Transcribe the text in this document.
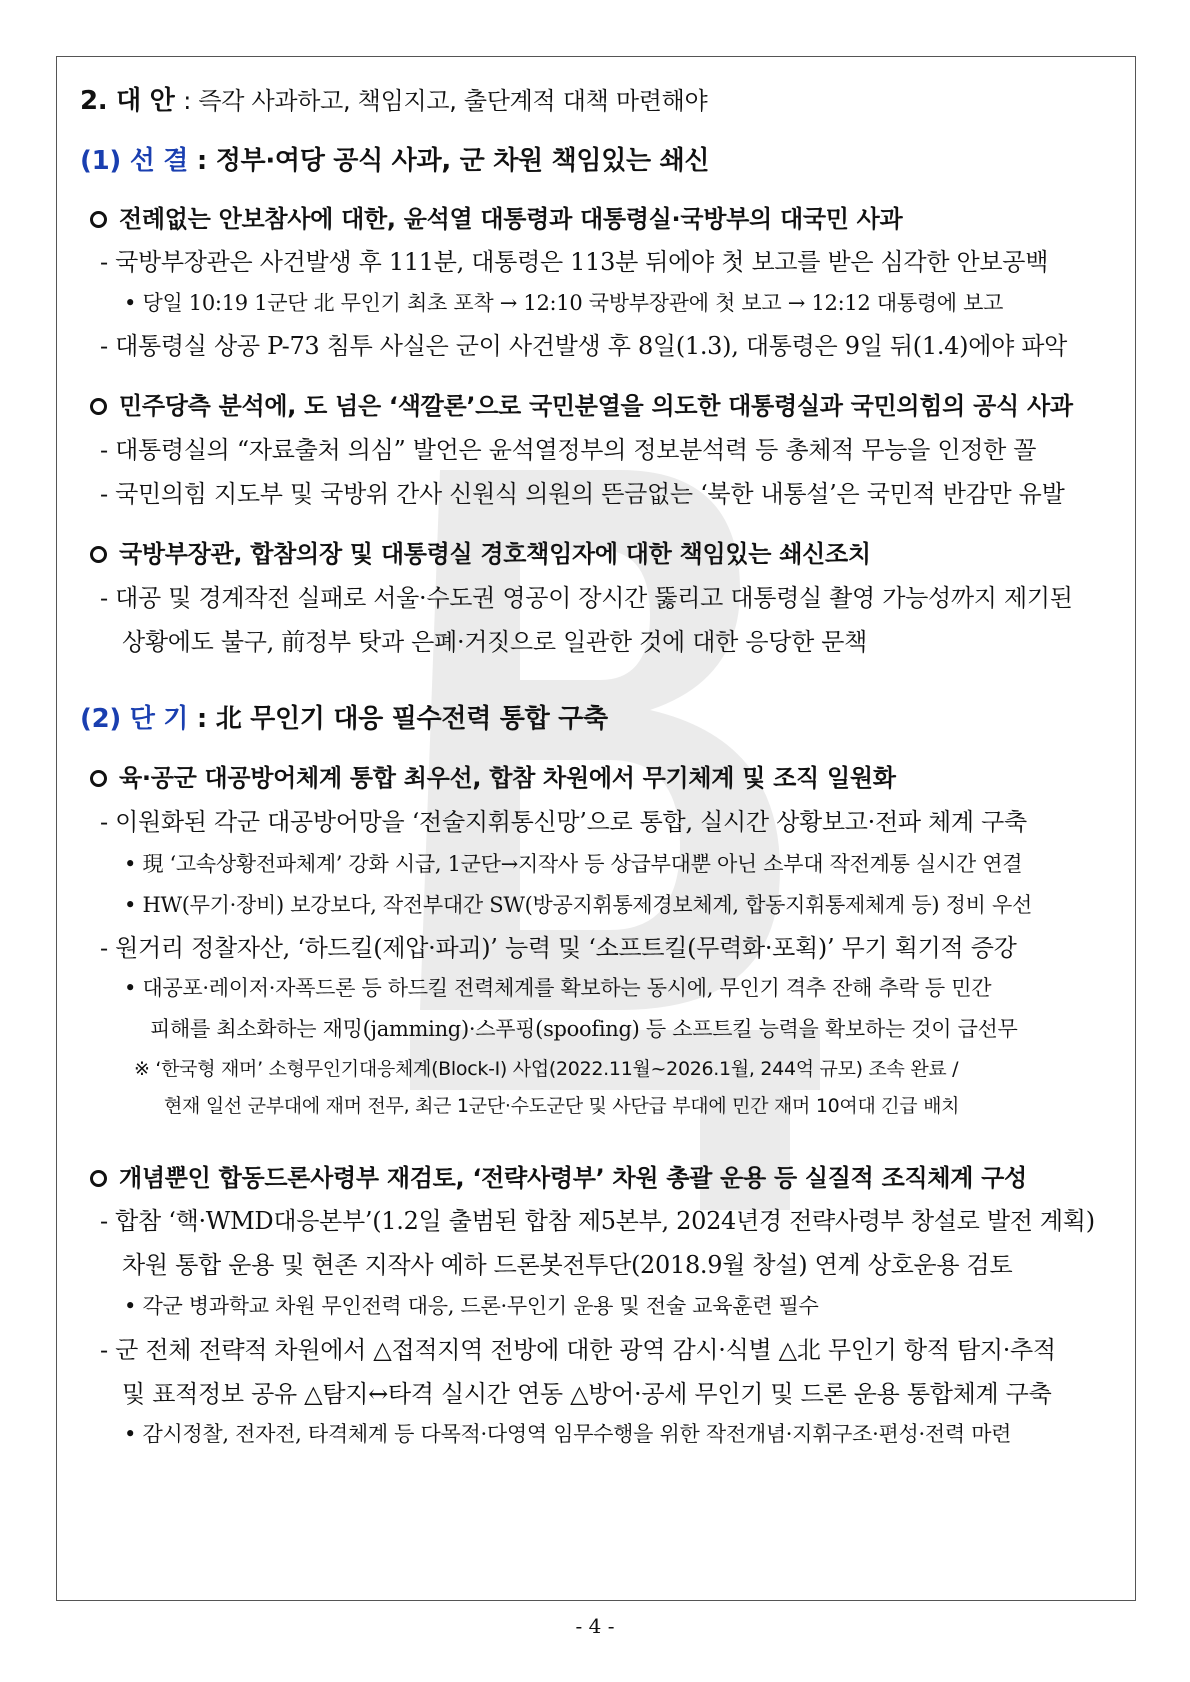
2. 대 안 : 즉각 사과하고, 책임지고, 출단계적 대책 마련해야
(1) 선 결 : 정부·여당 공식 사과, 군 차원 책임있는 쇄신
전례없는 안보참사에 대한, 윤석열 대통령과 대통령실·국방부의 대국민 사과
- 국방부장관은 사건발생 후 111분, 대통령은 113분 뒤에야 첫 보고를 받은 심각한 안보공백
• 당일 10:19 1군단 北 무인기 최초 포착 → 12:10 국방부장관에 첫 보고 → 12:12 대통령에 보고
- 대통령실 상공 P-73 침투 사실은 군이 사건발생 후 8일(1.3), 대통령은 9일 뒤(1.4)에야 파악
민주당측 분석에, 도 넘은 ‘색깔론’으로 국민분열을 의도한 대통령실과 국민의힘의 공식 사과
- 대통령실의 “자료출처 의심” 발언은 윤석열정부의 정보분석력 등 총체적 무능을 인정한 꼴
- 국민의힘 지도부 및 국방위 간사 신원식 의원의 뜬금없는 ‘북한 내통설’은 국민적 반감만 유발
국방부장관, 합참의장 및 대통령실 경호책임자에 대한 책임있는 쇄신조치
- 대공 및 경계작전 실패로 서울·수도권 영공이 장시간 뚫리고 대통령실 촬영 가능성까지 제기된
상황에도 불구, 前정부 탓과 은폐·거짓으로 일관한 것에 대한 응당한 문책
(2) 단 기 : 北 무인기 대응 필수전력 통합 구축
육·공군 대공방어체계 통합 최우선, 합참 차원에서 무기체계 및 조직 일원화
- 이원화된 각군 대공방어망을 ‘전술지휘통신망’으로 통합, 실시간 상황보고·전파 체계 구축
• 現 ‘고속상황전파체계’ 강화 시급, 1군단→지작사 등 상급부대뿐 아닌 소부대 작전계통 실시간 연결
• HW(무기·장비) 보강보다, 작전부대간 SW(방공지휘통제경보체계, 합동지휘통제체계 등) 정비 우선
- 원거리 정찰자산, ‘하드킬(제압·파괴)’ 능력 및 ‘소프트킬(무력화·포획)’ 무기 획기적 증강
• 대공포·레이저·자폭드론 등 하드킬 전력체계를 확보하는 동시에, 무인기 격추 잔해 추락 등 민간
피해를 최소화하는 재밍(jamming)·스푸핑(spoofing) 등 소프트킬 능력을 확보하는 것이 급선무
※ ‘한국형 재머’ 소형무인기대응체계(Block-Ⅰ) 사업(2022.11월~2026.1월, 244억 규모) 조속 완료 /
현재 일선 군부대에 재머 전무, 최근 1군단·수도군단 및 사단급 부대에 민간 재머 10여대 긴급 배치
개념뿐인 합동드론사령부 재검토, ‘전략사령부’ 차원 총괄 운용 등 실질적 조직체계 구성
- 합참 ‘핵·WMD대응본부’(1.2일 출범된 합참 제5본부, 2024년경 전략사령부 창설로 발전 계획)
차원 통합 운용 및 현존 지작사 예하 드론봇전투단(2018.9월 창설) 연계 상호운용 검토
• 각군 병과학교 차원 무인전력 대응, 드론·무인기 운용 및 전술 교육훈련 필수
- 군 전체 전략적 차원에서 △접적지역 전방에 대한 광역 감시·식별 △北 무인기 항적 탐지·추적
및 표적정보 공유 △탐지↔타격 실시간 연동 △방어·공세 무인기 및 드론 운용 통합체계 구축
• 감시정찰, 전자전, 타격체계 등 다목적·다영역 임무수행을 위한 작전개념·지휘구조·편성·전력 마련
- 4 -
